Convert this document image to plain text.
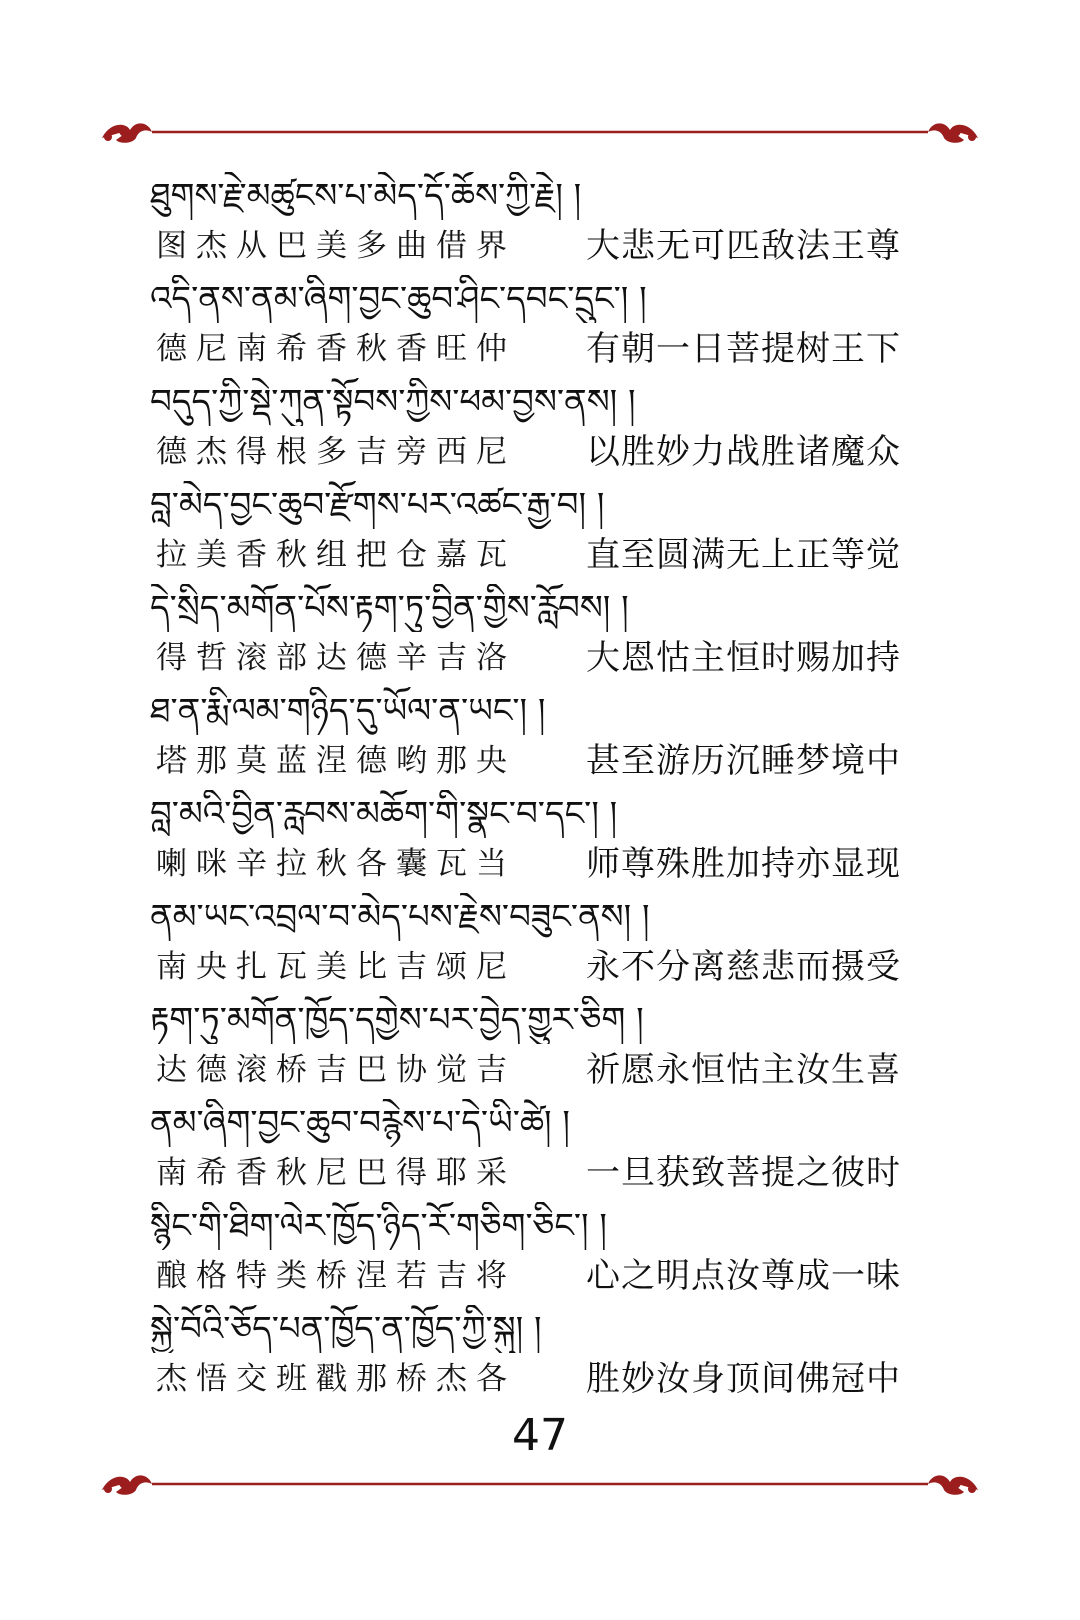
ཐུགས་རྗེ་མཚུངས་པ་མེད་དོ་ཆོས་ཀྱི་རྗེ། །
图杰从巴美多曲借界	大悲无可匹敌法王尊
འདི་ནས་ནམ་ཞིག་བྱང་ཆུབ་ཤིང་དབང་དྲུང་། །
德尼南希香秋香旺仲	有朝一日菩提树王下
བདུད་ཀྱི་སྡེ་ཀུན་སྟོབས་ཀྱིས་ཕམ་བྱས་ནས། །
德杰得根多吉旁西尼	以胜妙力战胜诸魔众
བླ་མེད་བྱང་ཆུབ་རྫོགས་པར་འཚང་རྒྱ་བ། །
拉美香秋组把仓嘉瓦	直至圆满无上正等觉
དེ་སྲིད་མགོན་པོས་རྟག་ཏུ་བྱིན་གྱིས་རློབས། །
得哲滚部达德辛吉洛	大恩怙主恒时赐加持
ཐ་ན་རྨི་ལམ་གཉིད་དུ་ཡོལ་ན་ཡང་། །
塔那莫蓝涅德哟那央	甚至游历沉睡梦境中
བླ་མའི་བྱིན་རླབས་མཆོག་གི་སྣང་བ་དང་། །
喇咪辛拉秋各囊瓦当	师尊殊胜加持亦显现
ནམ་ཡང་འབྲལ་བ་མེད་པས་རྗེས་བཟུང་ནས། །
南央扎瓦美比吉颂尼	永不分离慈悲而摄受
རྟག་ཏུ་མགོན་ཁྱོད་དགྱེས་པར་བྱེད་གྱུར་ཅིག །
达德滚桥吉巴协觉吉	祈愿永恒怙主汝生喜
ནམ་ཞིག་བྱང་ཆུབ་བརྙེས་པ་དེ་ཡི་ཚེ། །
南希香秋尼巴得耶采	一旦获致菩提之彼时
སྙིང་གི་ཐིག་ལེར་ཁྱོད་ཉིད་རོ་གཅིག་ཅིང་། །
酿格特类桥涅若吉将	心之明点汝尊成一味
སྐྱེ་བོའི་ཅོད་པན་ཁྱོད་ན་ཁྱོད་ཀྱི་སྐུ། །
杰悟交班戳那桥杰各	胜妙汝身顶间佛冠中
47
